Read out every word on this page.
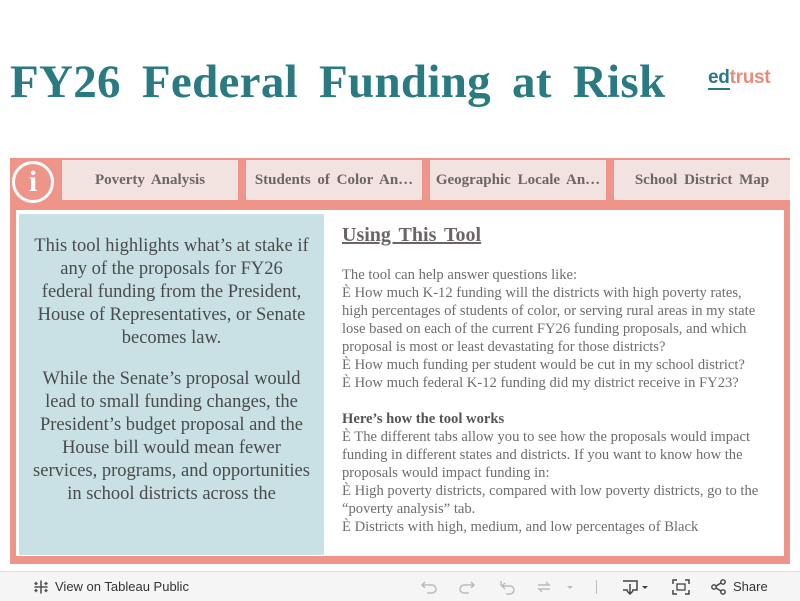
FY26 Federal Funding at Risk edtrust
i	Poverty Analysis	Students of Color An… Geographic Locale An… School District Map

This tool highlights what’s at stake if any of the proposals for FY26 federal funding from the President, House of Representatives, or Senate becomes law.

While the Senate’s proposal would lead to small funding changes, the President’s budget proposal and the House bill would mean fewer services, programs, and opportunities in school districts across the

Using This Tool

The tool can help answer questions like:

È How much K-12 funding will the districts with high poverty rates, high percentages of students of color, or serving rural areas in my state lose based on each of the current FY26 funding proposals, and which proposal is most or least devastating for those districts?

È How much funding per student would be cut in my school district?

È How much federal K-12 funding did my district receive in FY23?

Here’s how the tool works

È The different tabs allow you to see how the proposals would impact funding in different states and districts. If you want to know how the proposals would impact funding in:

È High poverty districts, compared with low poverty districts, go to the “poverty analysis” tab.

È Districts with high, medium, and low percentages of Black

View on Tableau Public	Share
